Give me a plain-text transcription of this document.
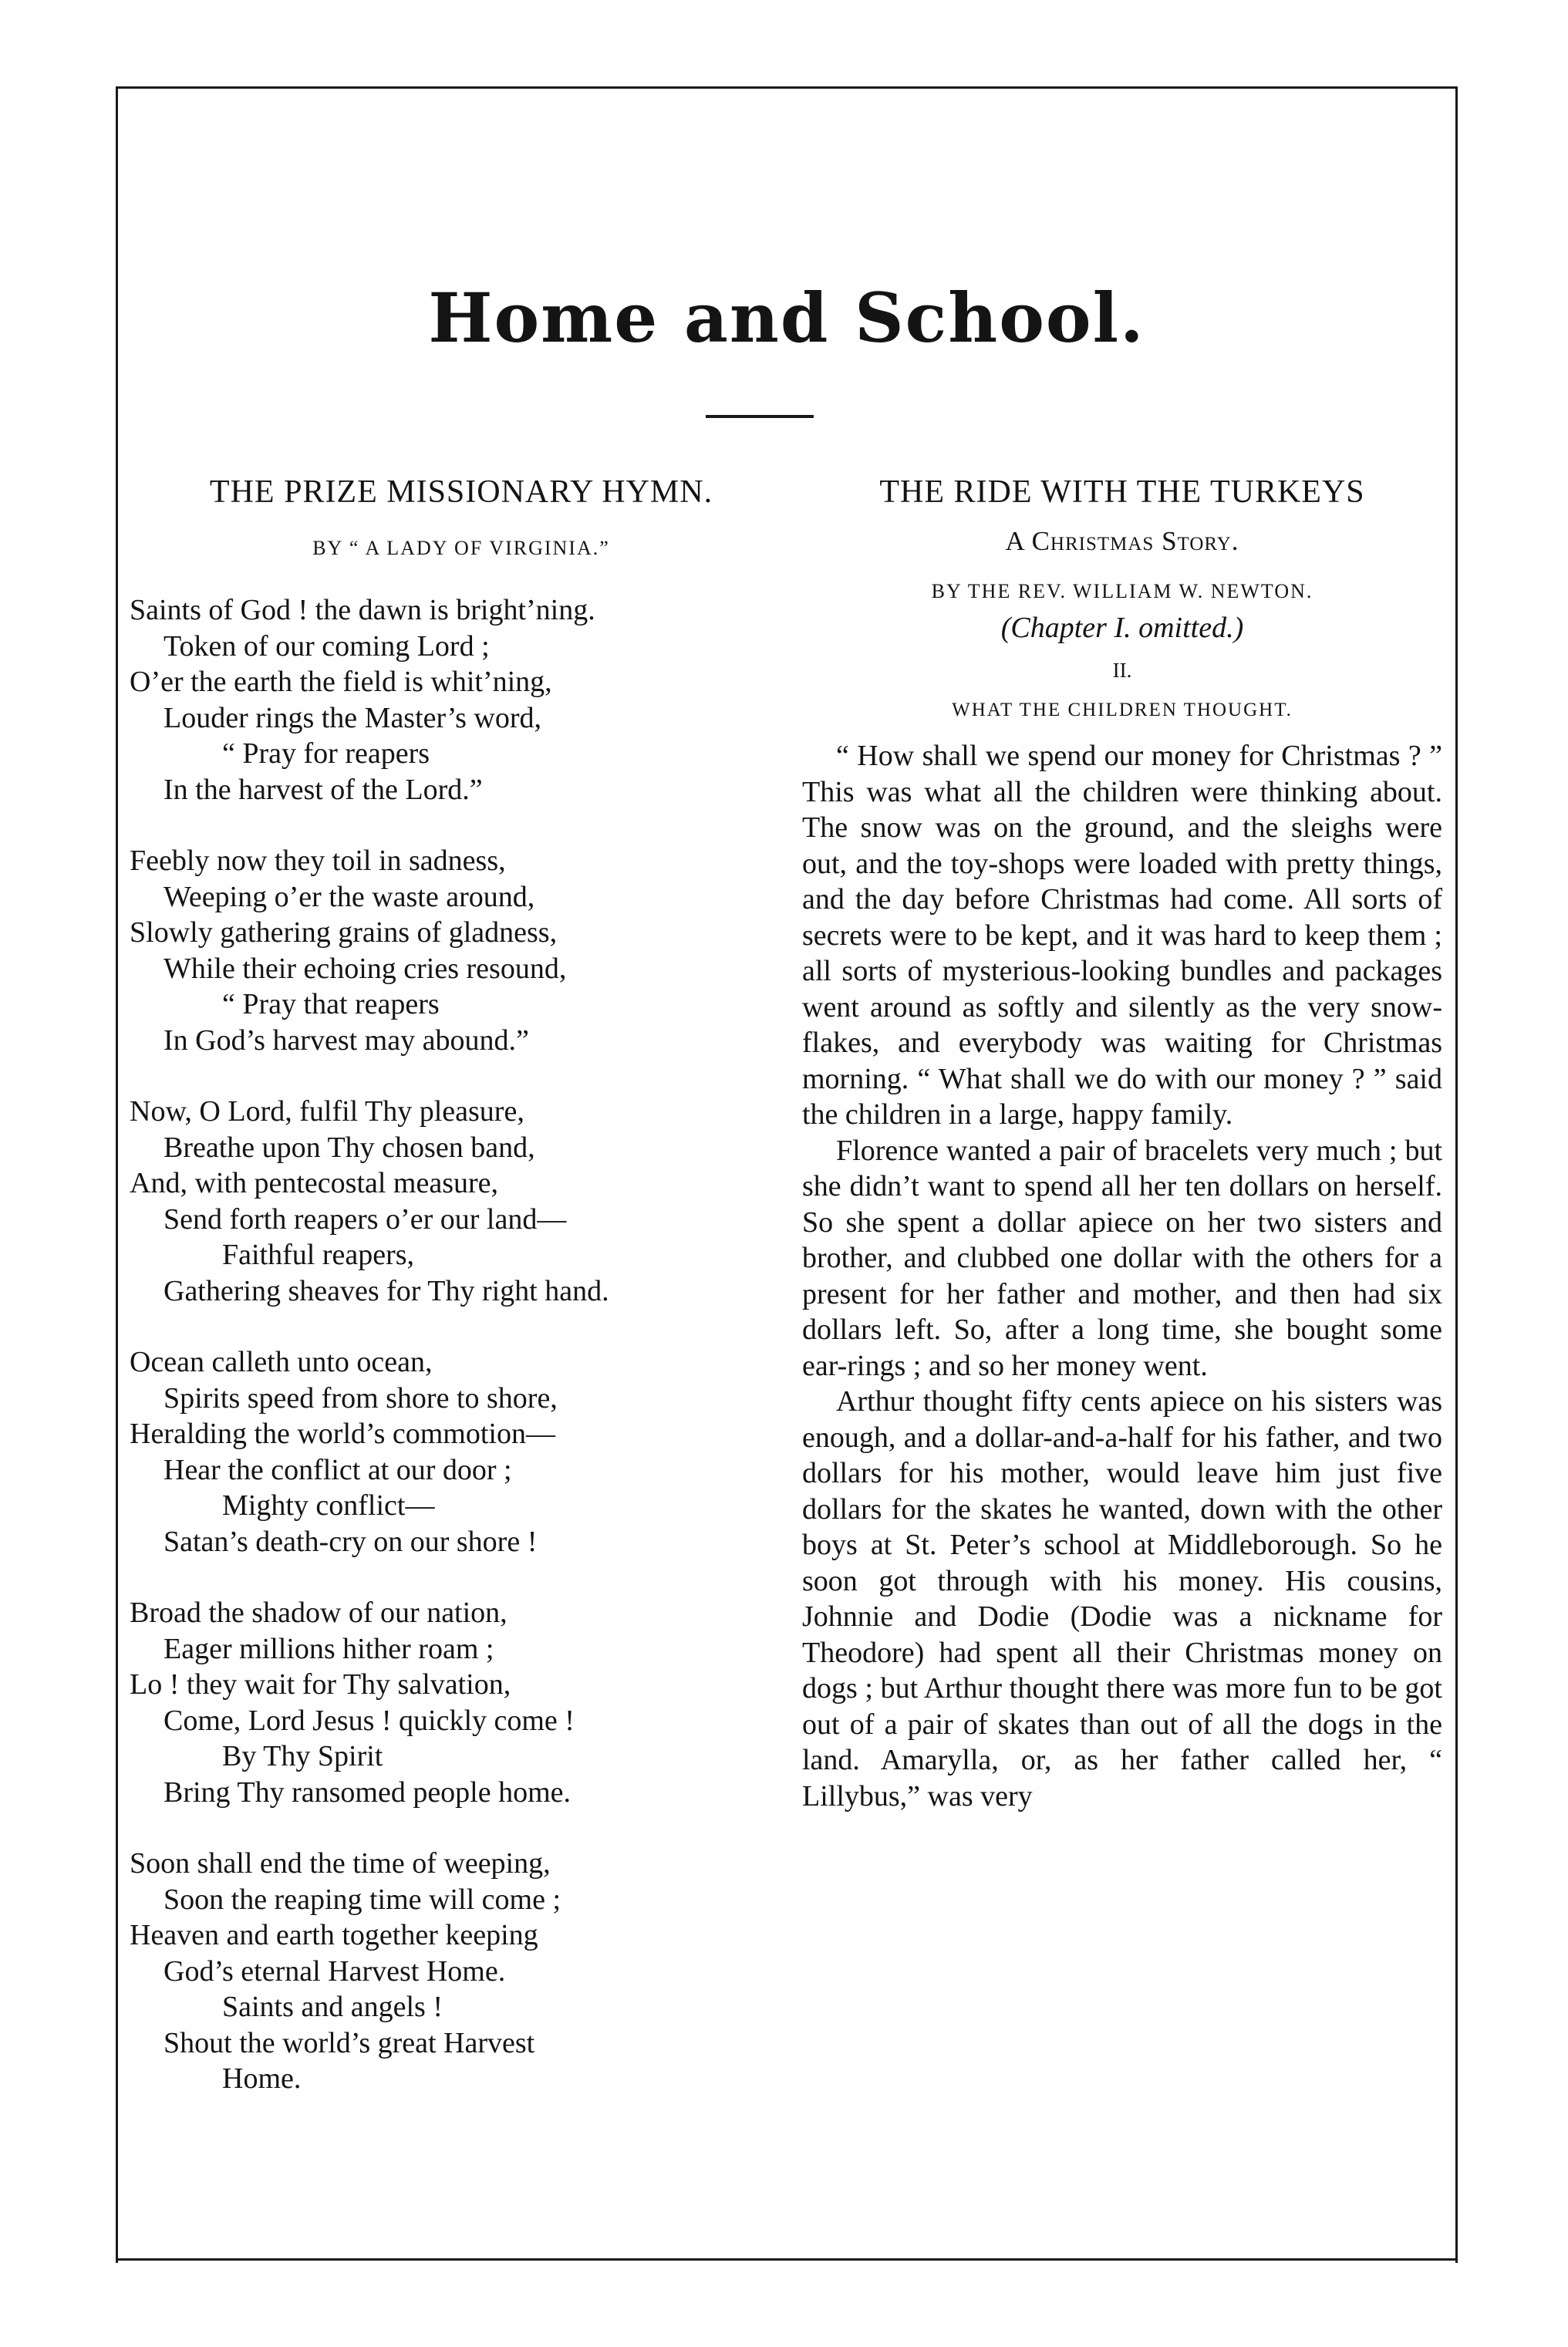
Home and School.
THE PRIZE MISSIONARY HYMN.
BY “ A LADY OF VIRGINIA.”
Saints of God ! the dawn is bright’ning.
Token of our coming Lord ;
O’er the earth the field is whit’ning,
Louder rings the Master’s word,
“ Pray for reapers
In the harvest of the Lord.”
Feebly now they toil in sadness,
Weeping o’er the waste around,
Slowly gathering grains of gladness,
While their echoing cries resound,
“ Pray that reapers
In God’s harvest may abound.”
Now, O Lord, fulfil Thy pleasure,
Breathe upon Thy chosen band,
And, with pentecostal measure,
Send forth reapers o’er our land—
Faithful reapers,
Gathering sheaves for Thy right hand.
Ocean calleth unto ocean,
Spirits speed from shore to shore,
Heralding the world’s commotion—
Hear the conflict at our door ;
Mighty conflict—
Satan’s death-cry on our shore !
Broad the shadow of our nation,
Eager millions hither roam ;
Lo ! they wait for Thy salvation,
Come, Lord Jesus ! quickly come !
By Thy Spirit
Bring Thy ransomed people home.
Soon shall end the time of weeping,
Soon the reaping time will come ;
Heaven and earth together keeping
God’s eternal Harvest Home.
Saints and angels !
Shout the world’s great Harvest
Home.
THE RIDE WITH THE TURKEYS
A Christmas Story.
BY THE REV. WILLIAM W. NEWTON.
(Chapter I. omitted.)
II.
WHAT THE CHILDREN THOUGHT.

“ How shall we spend our money for Christmas ? ” This was what all the children were thinking about. The snow was on the ground, and the sleighs were out, and the toy-shops were loaded with pretty things, and the day before Christmas had come. All sorts of secrets were to be kept, and it was hard to keep them ; all sorts of mysterious-looking bundles and packages went around as softly and silently as the very snow-flakes, and everybody was waiting for Christmas morning. “ What shall we do with our money ? ” said the children in a large, happy family.

Florence wanted a pair of bracelets very much ; but she didn’t want to spend all her ten dollars on herself. So she spent a dollar apiece on her two sisters and brother, and clubbed one dollar with the others for a present for her father and mother, and then had six dollars left. So, after a long time, she bought some ear-rings ; and so her money went.

Arthur thought fifty cents apiece on his sisters was enough, and a dollar-and-a-half for his father, and two dollars for his mother, would leave him just five dollars for the skates he wanted, down with the other boys at St. Peter’s school at Middleborough. So he soon got through with his money. His cousins, Johnnie and Dodie (Dodie was a nickname for Theodore) had spent all their Christmas money on dogs ; but Arthur thought there was more fun to be got out of a pair of skates than out of all the dogs in the land. Amarylla, or, as her father called her, “ Lillybus,” was very
